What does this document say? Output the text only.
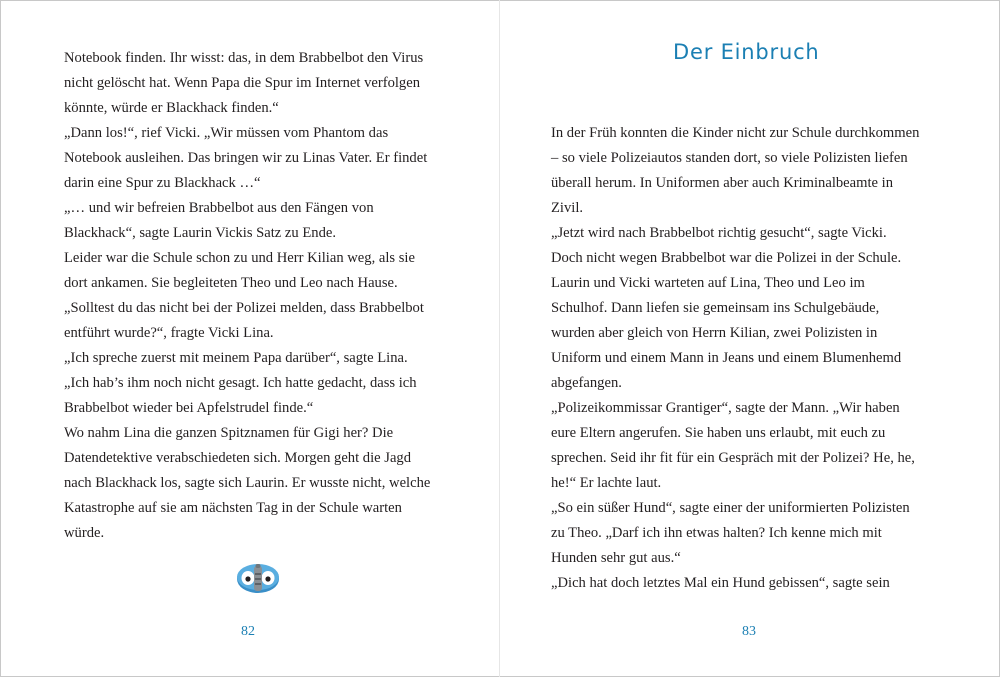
Notebook finden. Ihr wisst: das, in dem Brabbelbot den Virus
nicht gelöscht hat. Wenn Papa die Spur im Internet verfolgen
könnte, würde er Blackhack finden.“
„Dann los!“, rief Vicki. „Wir müssen vom Phantom das
Notebook ausleihen. Das bringen wir zu Linas Vater. Er findet
darin eine Spur zu Blackhack …“
„… und wir befreien Brabbelbot aus den Fängen von
Blackhack“, sagte Laurin Vickis Satz zu Ende.
Leider war die Schule schon zu und Herr Kilian weg, als sie
dort ankamen. Sie begleiteten Theo und Leo nach Hause.
„Solltest du das nicht bei der Polizei melden, dass Brabbelbot
entführt wurde?“, fragte Vicki Lina.
„Ich spreche zuerst mit meinem Papa darüber“, sagte Lina.
„Ich hab’s ihm noch nicht gesagt. Ich hatte gedacht, dass ich
Brabbelbot wieder bei Apfelstrudel finde.“
Wo nahm Lina die ganzen Spitznamen für Gigi her? Die
Datendetektive verabschiedeten sich. Morgen geht die Jagd
nach Blackhack los, sagte sich Laurin. Er wusste nicht, welche
Katastrophe auf sie am nächsten Tag in der Schule warten
würde.
82
Der Einbruch
In der Früh konnten die Kinder nicht zur Schule durchkommen
– so viele Polizeiautos standen dort, so viele Polizisten liefen
überall herum. In Uniformen aber auch Kriminalbeamte in
Zivil.
„Jetzt wird nach Brabbelbot richtig gesucht“, sagte Vicki.
Doch nicht wegen Brabbelbot war die Polizei in der Schule.
Laurin und Vicki warteten auf Lina, Theo und Leo im
Schulhof. Dann liefen sie gemeinsam ins Schulgebäude,
wurden aber gleich von Herrn Kilian, zwei Polizisten in
Uniform und einem Mann in Jeans und einem Blumenhemd
abgefangen.
„Polizeikommissar Grantiger“, sagte der Mann. „Wir haben
eure Eltern angerufen. Sie haben uns erlaubt, mit euch zu
sprechen. Seid ihr fit für ein Gespräch mit der Polizei? He, he,
he!“ Er lachte laut.
„So ein süßer Hund“, sagte einer der uniformierten Polizisten
zu Theo. „Darf ich ihn etwas halten? Ich kenne mich mit
Hunden sehr gut aus.“
„Dich hat doch letztes Mal ein Hund gebissen“, sagte sein
83
